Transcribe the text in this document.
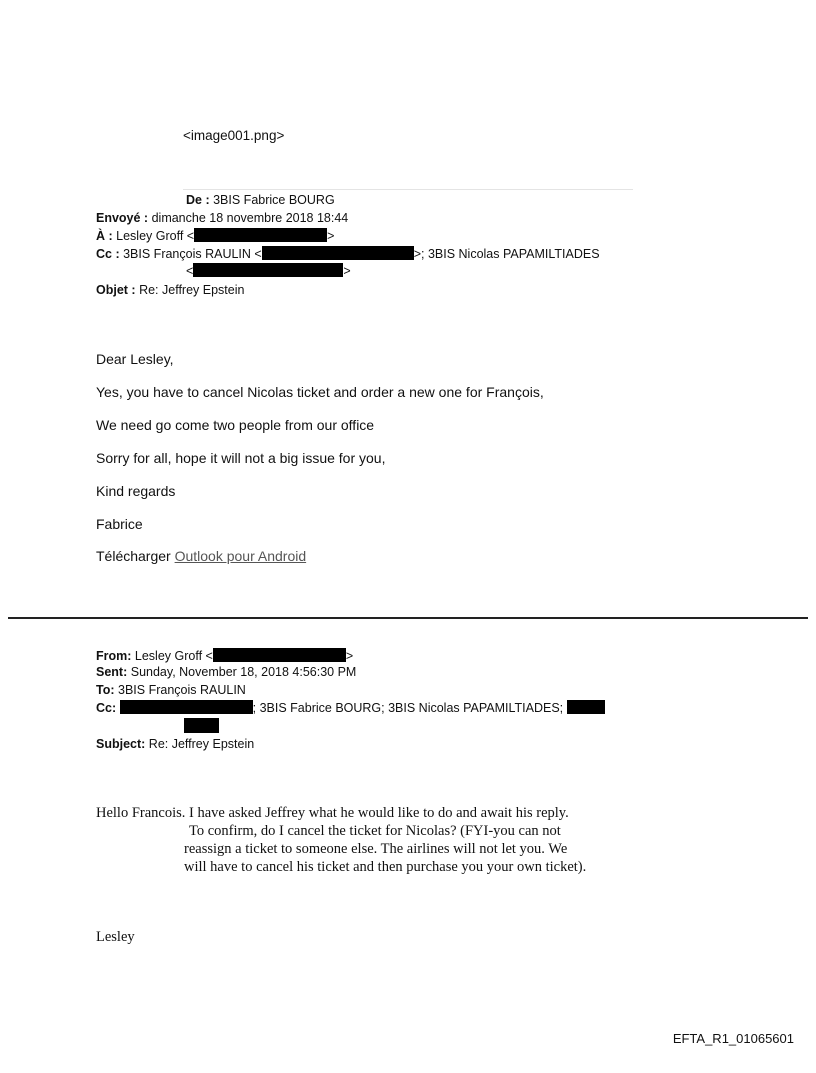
<image001.png>
De : 3BIS Fabrice BOURG
Envoyé : dimanche 18 novembre 2018 18:44
À : Lesley Groff <	>
Cc : 3BIS François RAULIN <	>; 3BIS Nicolas PAPAMILTIADES
<	>
Objet : Re: Jeffrey Epstein
Dear Lesley,
Yes, you have to cancel Nicolas ticket and order a new one for François,
We need go come two people from our office
Sorry for all, hope it will not a big issue for you,
Kind regards
Fabrice
Télécharger Outlook pour Android
From: Lesley Groff <	>
Sent: Sunday, November 18, 2018 4:56:30 PM
To: 3BIS François RAULIN
Cc:	; 3BIS Fabrice BOURG; 3BIS Nicolas PAPAMILTIADES;
Subject: Re: Jeffrey Epstein
Hello Francois. I have asked Jeffrey what he would like to do and await his reply.
To confirm, do I cancel the ticket for Nicolas? (FYI-you can not
reassign a ticket to someone else. The airlines will not let you. We
will have to cancel his ticket and then purchase you your own ticket).
Lesley
EFTA_R1_01065601
